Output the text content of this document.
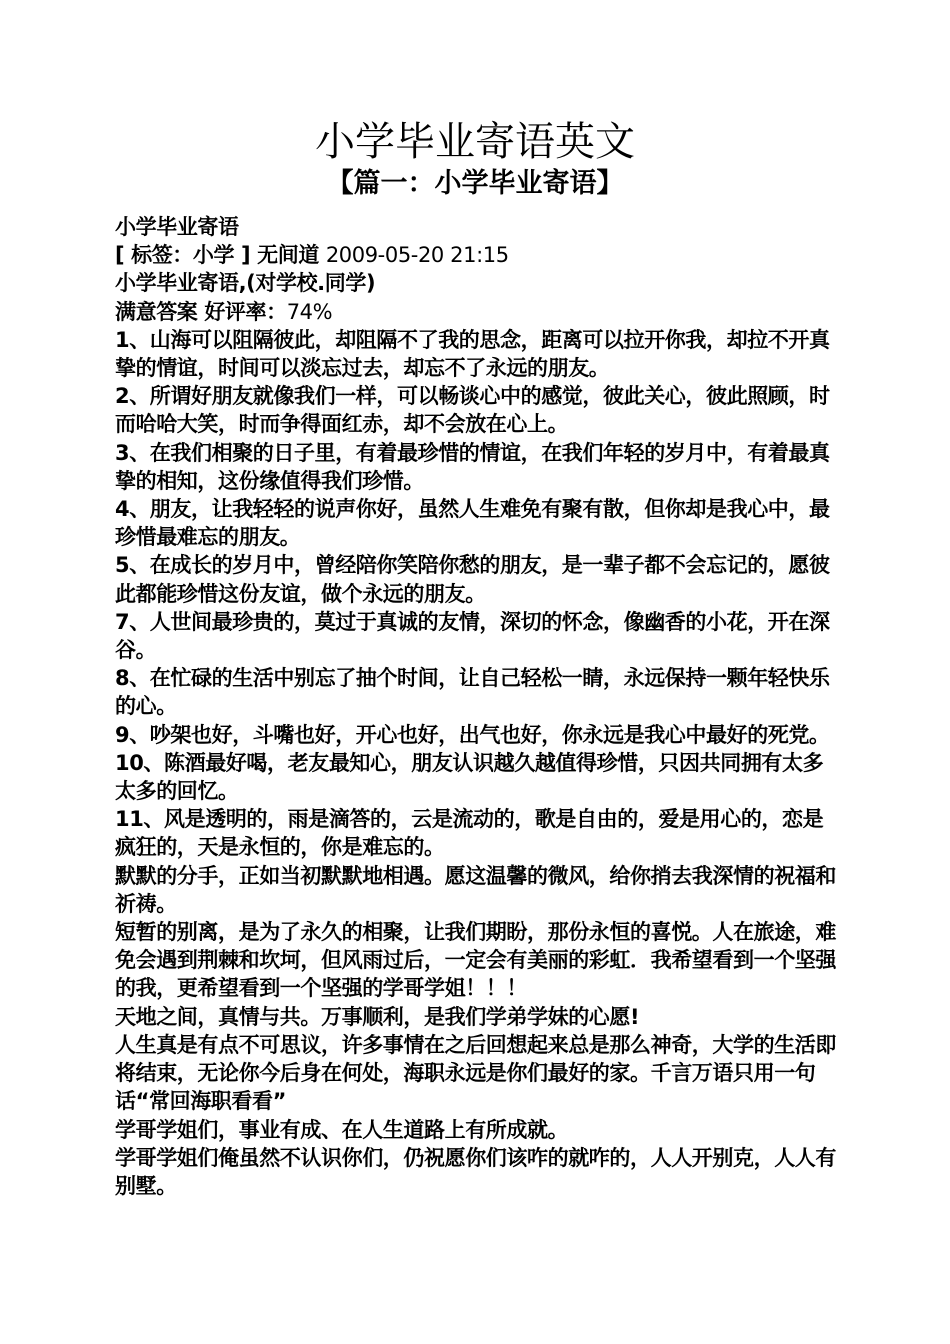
小学毕业寄语英文
【篇一：小学毕业寄语】

小学毕业寄语

[ 标签：小学 ] 无间道 2009-05-20 21:15

小学毕业寄语,(对学校.同学)

满意答案 好评率：74%

1、山海可以阻隔彼此，却阻隔不了我的思念，距离可以拉开你我，却拉不开真挚的情谊，时间可以淡忘过去，却忘不了永远的朋友。

2、所谓好朋友就像我们一样，可以畅谈心中的感觉，彼此关心，彼此照顾，时而哈哈大笑，时而争得面红赤，却不会放在心上。

3、在我们相聚的日子里，有着最珍惜的情谊，在我们年轻的岁月中，有着最真挚的相知，这份缘值得我们珍惜。

4、朋友，让我轻轻的说声你好，虽然人生难免有聚有散，但你却是我心中，最珍惜最难忘的朋友。

5、在成长的岁月中，曾经陪你笑陪你愁的朋友，是一辈子都不会忘记的，愿彼此都能珍惜这份友谊，做个永远的朋友。

7、人世间最珍贵的，莫过于真诚的友情，深切的怀念，像幽香的小花，开在深谷。

8、在忙碌的生活中别忘了抽个时间，让自己轻松一睛，永远保持一颗年轻快乐的心。

9、吵架也好，斗嘴也好，开心也好，出气也好，你永远是我心中最好的死党。

10、陈酒最好喝，老友最知心，朋友认识越久越值得珍惜，只因共同拥有太多太多的回忆。

11、风是透明的，雨是滴答的，云是流动的，歌是自由的，爱是用心的，恋是疯狂的，天是永恒的，你是难忘的。

默默的分手，正如当初默默地相遇。愿这温馨的微风，给你捎去我深情的祝福和祈祷。

短暂的别离，是为了永久的相聚，让我们期盼，那份永恒的喜悦。人在旅途，难免会遇到荆棘和坎坷，但风雨过后，一定会有美丽的彩虹．我希望看到一个坚强的我，更希望看到一个坚强的学哥学姐！！！

天地之间，真情与共。万事顺利，是我们学弟学妹的心愿!

人生真是有点不可思议，许多事情在之后回想起来总是那么神奇，大学的生活即将结束，无论你今后身在何处，海职永远是你们最好的家。千言万语只用一句话“常回海职看看”

学哥学姐们，事业有成、在人生道路上有所成就。

学哥学姐们俺虽然不认识你们，仍祝愿你们该咋的就咋的，人人开别克，人人有别墅。
